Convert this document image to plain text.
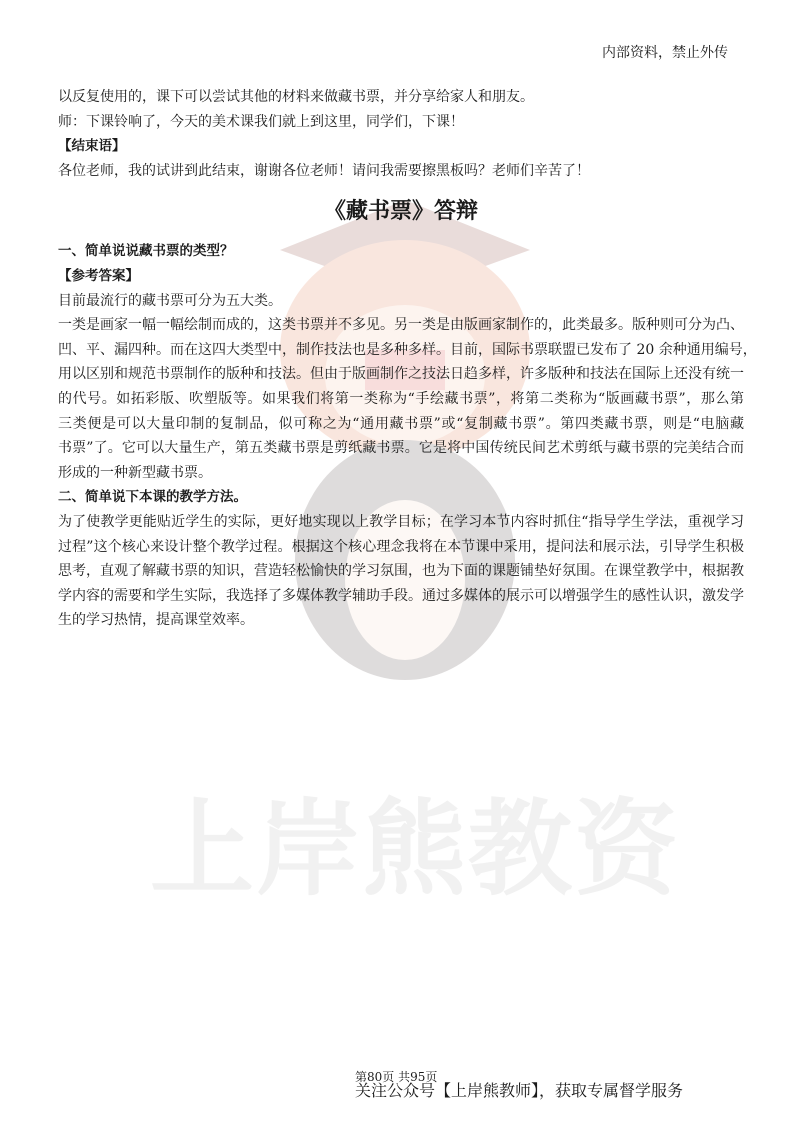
上岸熊教资
内部资料，禁止外传
以反复使用的，课下可以尝试其他的材料来做藏书票，并分享给家人和朋友。
师：下课铃响了，今天的美术课我们就上到这里，同学们，下课！
【结束语】
各位老师，我的试讲到此结束，谢谢各位老师！请问我需要擦黑板吗？老师们辛苦了！
《藏书票》答辩
一、简单说说藏书票的类型？
【参考答案】
目前最流行的藏书票可分为五大类。
一类是画家一幅一幅绘制而成的，这类书票并不多见。另一类是由版画家制作的，此类最多。版种则可分为凸、
凹、平、漏四种。而在这四大类型中，制作技法也是多种多样。目前，国际书票联盟已发布了 20 余种通用编号，
用以区别和规范书票制作的版种和技法。但由于版画制作之技法日趋多样，许多版种和技法在国际上还没有统一
的代号。如拓彩版、吹塑版等。如果我们将第一类称为“手绘藏书票”，将第二类称为“版画藏书票”，那么第
三类便是可以大量印制的复制品，似可称之为“通用藏书票”或“复制藏书票”。第四类藏书票，则是“电脑藏
书票”了。它可以大量生产，第五类藏书票是剪纸藏书票。它是将中国传统民间艺术剪纸与藏书票的完美结合而
形成的一种新型藏书票。
二、简单说下本课的教学方法。
为了使教学更能贴近学生的实际，更好地实现以上教学目标；在学习本节内容时抓住“指导学生学法，重视学习
过程”这个核心来设计整个教学过程。根据这个核心理念我将在本节课中采用，提问法和展示法，引导学生积极
思考，直观了解藏书票的知识，营造轻松愉快的学习氛围，也为下面的课题铺垫好氛围。在课堂教学中，根据教
学内容的需要和学生实际，我选择了多媒体教学辅助手段。通过多媒体的展示可以增强学生的感性认识，激发学
生的学习热情，提高课堂效率。
第80页 共95页
关注公众号【上岸熊教师】，获取专属督学服务
